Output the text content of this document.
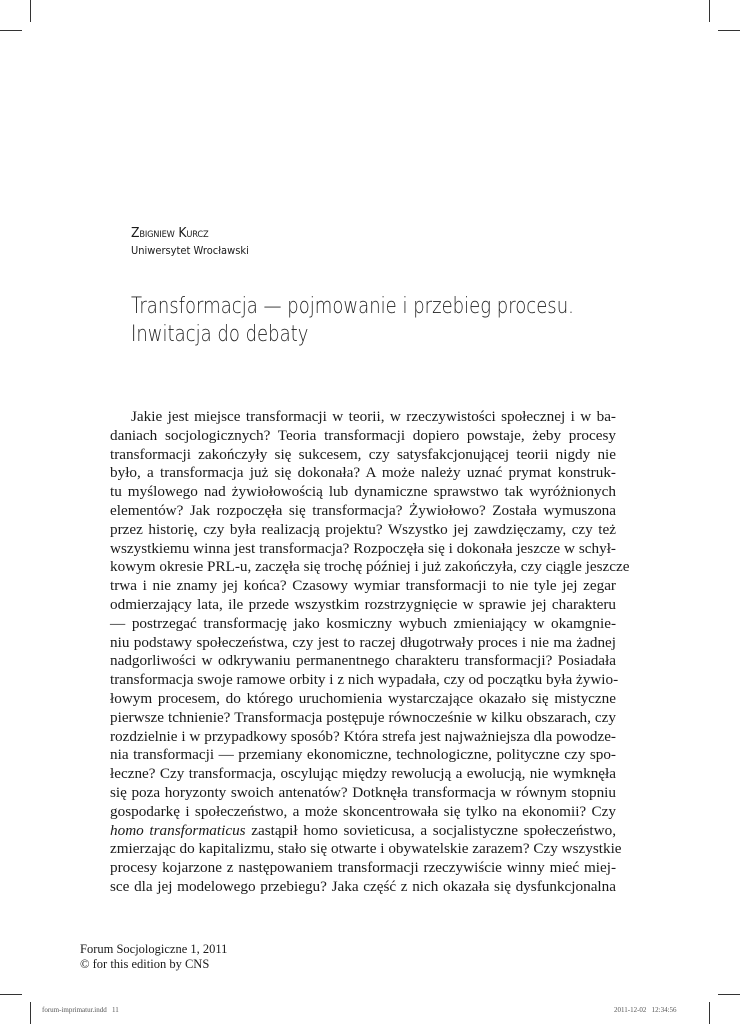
Zbigniew Kurcz
Uniwersytet Wrocławski
Transformacja — pojmowanie i przebieg procesu.
Inwitacja do debaty
Jakie jest miejsce transformacji w teorii, w rzeczywistości społecznej i w ba-
daniach socjologicznych? Teoria transformacji dopiero powstaje, żeby procesy
transformacji zakończyły się sukcesem, czy satysfakcjonującej teorii nigdy nie
było, a transformacja już się dokonała? A może należy uznać prymat konstruk-
tu myślowego nad żywiołowością lub dynamiczne sprawstwo tak wyróżnionych
elementów? Jak rozpoczęła się transformacja? Żywiołowo? Została wymuszona
przez historię, czy była realizacją projektu? Wszystko jej zawdzięczamy, czy też
wszystkiemu winna jest transformacja? Rozpoczęła się i dokonała jeszcze w schył-
kowym okresie PRL-u, zaczęła się trochę później i już zakończyła, czy ciągle jeszcze
trwa i nie znamy jej końca? Czasowy wymiar transformacji to nie tyle jej zegar
odmierzający lata, ile przede wszystkim rozstrzygnięcie w sprawie jej charakteru
— postrzegać transformację jako kosmiczny wybuch zmieniający w okamgnie-
niu podstawy społeczeństwa, czy jest to raczej długotrwały proces i nie ma żadnej
nadgorliwości w odkrywaniu permanentnego charakteru transformacji? Posiadała
transformacja swoje ramowe orbity i z nich wypadała, czy od początku była żywio-
łowym procesem, do którego uruchomienia wystarczające okazało się mistyczne
pierwsze tchnienie? Transformacja postępuje równocześnie w kilku obszarach, czy
rozdzielnie i w przypadkowy sposób? Która strefa jest najważniejsza dla powodze-
nia transformacji — przemiany ekonomiczne, technologiczne, polityczne czy spo-
łeczne? Czy transformacja, oscylując między rewolucją a ewolucją, nie wymknęła
się poza horyzonty swoich antenatów? Dotknęła transformacja w równym stopniu
gospodarkę i społeczeństwo, a może skoncentrowała się tylko na ekonomii? Czy
homo transformaticus zastąpił homo sovieticusa, a socjalistyczne społeczeństwo,
zmierzając do kapitalizmu, stało się otwarte i obywatelskie zarazem? Czy wszystkie
procesy kojarzone z następowaniem transformacji rzeczywiście winny mieć miej-
sce dla jej modelowego przebiegu? Jaka część z nich okazała się dysfunkcjonalna
Forum Socjologiczne 1, 2011
© for this edition by CNS
forum-imprimatur.indd   11	2011-12-02   12:34:56
